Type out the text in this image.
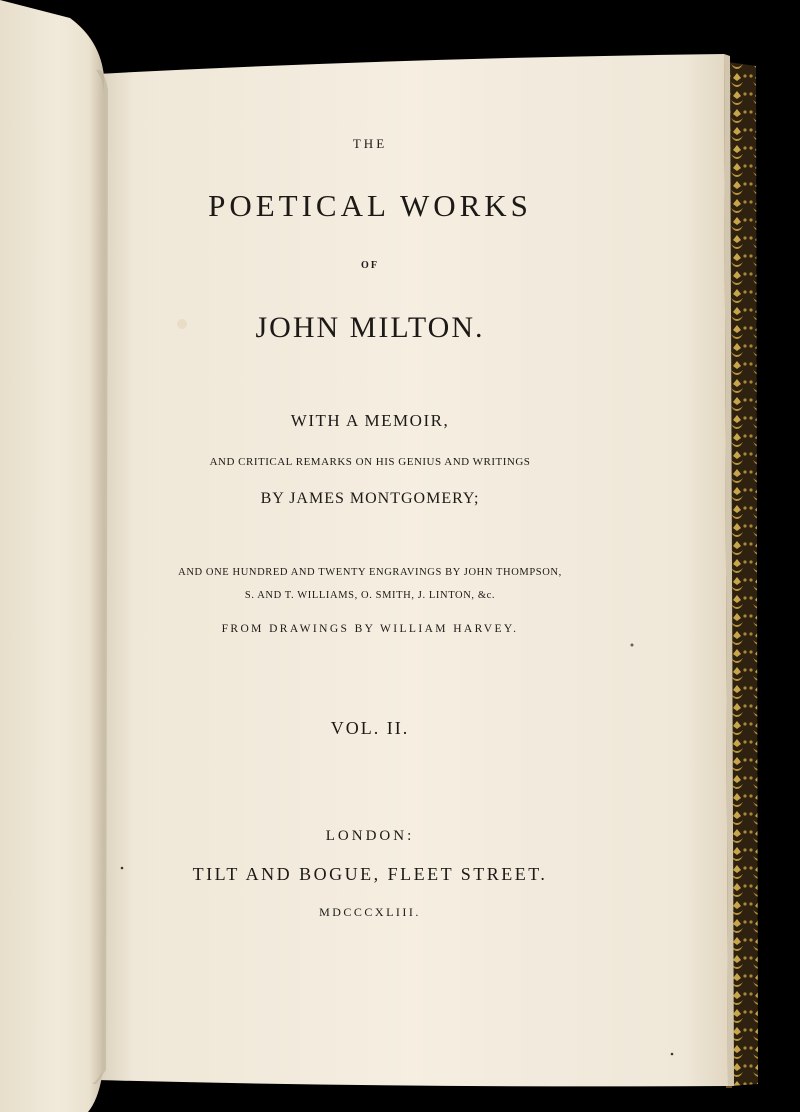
THE
POETICAL WORKS
OF
JOHN MILTON.
WITH A MEMOIR,
AND CRITICAL REMARKS ON HIS GENIUS AND WRITINGS
BY JAMES MONTGOMERY;
AND ONE HUNDRED AND TWENTY ENGRAVINGS BY JOHN THOMPSON,
S. AND T. WILLIAMS, O. SMITH, J. LINTON, &c.
FROM DRAWINGS BY WILLIAM HARVEY.
VOL. II.
LONDON:
TILT AND BOGUE, FLEET STREET.
MDCCCXLIII.
